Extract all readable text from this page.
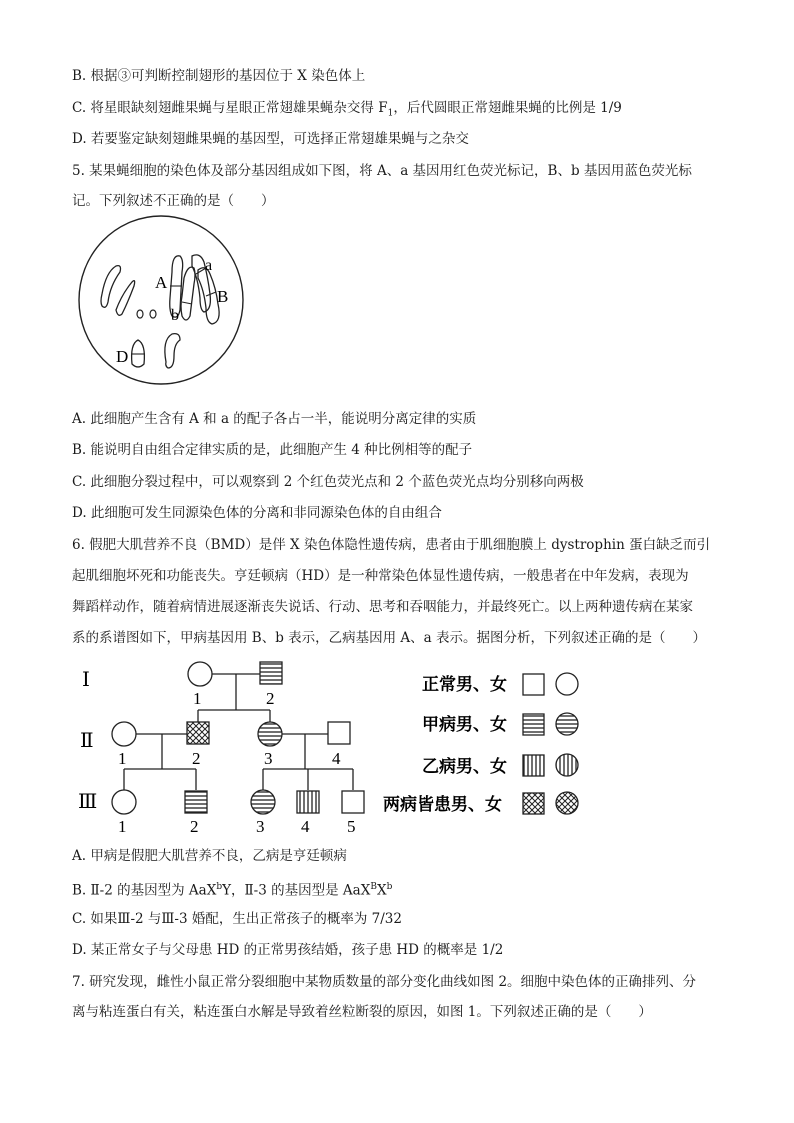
B. 根据③可判断控制翅形的基因位于 X 染色体上
C. 将星眼缺刻翅雌果蝇与星眼正常翅雄果蝇杂交得 $F_1$，后代圆眼正常翅雌果蝇的比例是 1/9
D. 若要鉴定缺刻翅雌果蝇的基因型，可选择正常翅雄果蝇与之杂交
5. 某果蝇细胞的染色体及部分基因组成如下图，将 A、a 基因用红色荧光标记，B、b 基因用蓝色荧光标
记。下列叙述不正确的是（　　）
A
a
B
b
D
A. 此细胞产生含有 A 和 a 的配子各占一半，能说明分离定律的实质
B. 能说明自由组合定律实质的是，此细胞产生 4 种比例相等的配子
C. 此细胞分裂过程中，可以观察到 2 个红色荧光点和 2 个蓝色荧光点均分别移向两极
D. 此细胞可发生同源染色体的分离和非同源染色体的自由组合
6. 假肥大肌营养不良（BMD）是伴 X 染色体隐性遗传病，患者由于肌细胞膜上 dystrophin 蛋白缺乏而引
起肌细胞坏死和功能丧失。亨廷顿病（HD）是一种常染色体显性遗传病，一般患者在中年发病，表现为
舞蹈样动作，随着病情进展逐渐丧失说话、行动、思考和吞咽能力，并最终死亡。以上两种遗传病在某家
系的系谱图如下，甲病基因用 B、b 表示，乙病基因用 A、a 表示。据图分析，下列叙述正确的是（　　）
Ⅰ
Ⅱ
Ⅲ
1	2
1	2	3	4
1	2	3 4 5
正常男、女
甲病男、女
乙病男、女
两病皆患男、女
A. 甲病是假肥大肌营养不良，乙病是亨廷顿病
B. Ⅱ-2 的基因型为 AaX$^b$Y，Ⅱ-3 的基因型是 $AaX^BX^b$
C. 如果Ⅲ-2 与Ⅲ-3 婚配，生出正常孩子的概率为 7/32
D. 某正常女子与父母患 HD 的正常男孩结婚，孩子患 HD 的概率是 1/2
7. 研究发现，雌性小鼠正常分裂细胞中某物质数量的部分变化曲线如图 2。细胞中染色体的正确排列、分
离与粘连蛋白有关，粘连蛋白水解是导致着丝粒断裂的原因，如图 1。下列叙述正确的是（　　）
